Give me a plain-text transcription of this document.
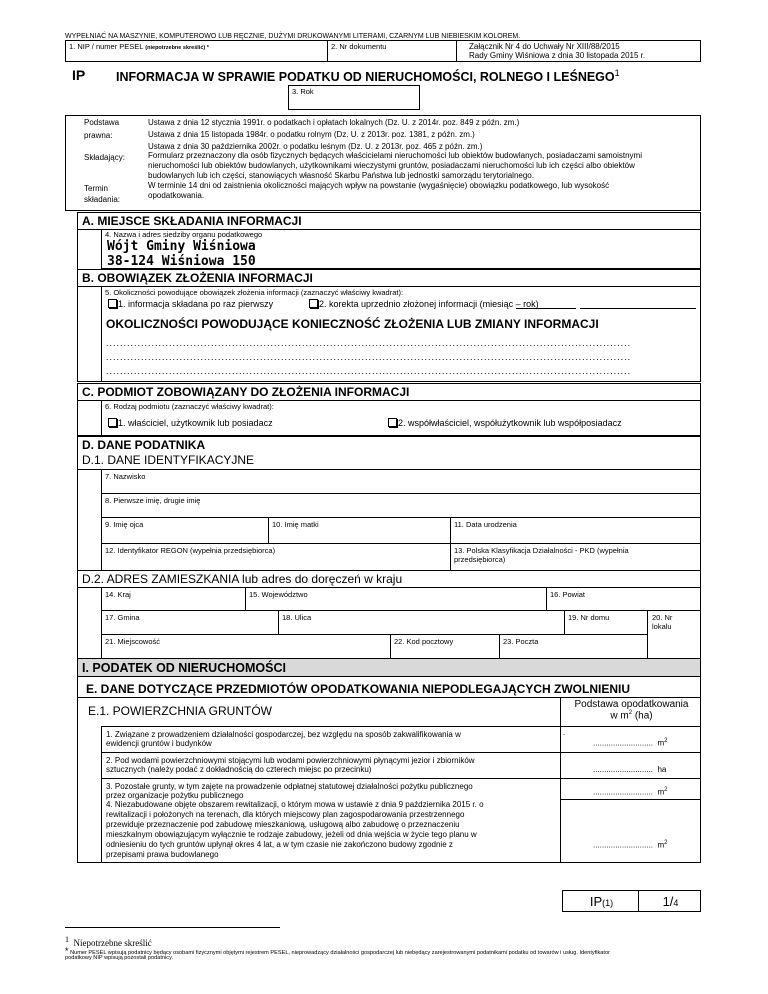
WYPEŁNIAĆ NA MASZYNIE, KOMPUTEROWO LUB RĘCZNIE, DUŻYMI DRUKOWANYMI LITERAMI, CZARNYM LUB NIEBIESKIM KOLOREM.
1. NIP / numer PESEL (niepotrzebne skreślić) *	2. Nr dokumentu	Załącznik Nr 4 do Uchwały Nr XIII/88/2015
Rady Gminy Wiśniowa z dnia 30 listopada 2015 r.
IP INFORMACJA W SPRAWIE PODATKU OD NIERUCHOMOŚCI, ROLNEGO I LEŚNEGO$^1$
3. Rok
Podstawa
prawna:
Ustawa z dnia 12 stycznia 1991r. o podatkach i opłatach lokalnych (Dz. U. z 2014r. poz. 849 z późn. zm.)
Ustawa z dnia 15 listopada 1984r. o podatku rolnym (Dz. U. z 2013r. poz. 1381, z późn. zm.)
Ustawa z dnia 30 października 2002r. o podatku leśnym (Dz. U. z 2013r. poz. 465 z późn. zm.)
Składający:	Formularz przeznaczony dla osób fizycznych będących właścicielami nieruchomości lub obiektów budowlanych, posiadaczami samoistnymi
nieruchomości lub obiektów budowlanych, użytkownikami wieczystymi gruntów, posiadaczami nieruchomości lub ich części albo obiektów
budowlanych lub ich części, stanowiących własność Skarbu Państwa lub jednostki samorządu terytorialnego.
Termin
składania:
W terminie 14 dni od zaistnienia okoliczności mających wpływ na powstanie (wygaśnięcie) obowiązku podatkowego, lub wysokość
opodatkowania.
A. MIEJSCE SKŁADANIA INFORMACJI
4. Nazwa i adres siedziby organu podatkowego
Wójt Gminy Wiśniowa
38-124 Wiśniowa 150
B. OBOWIĄZEK ZŁOŻENIA INFORMACJI
5. Okoliczności powodujące obowiązek złożenia informacji (zaznaczyć właściwy kwadrat):
1. informacja składana po raz pierwszy	2. korekta uprzednio złożonej informacji (miesiąc – rok)
OKOLICZNOŚCI POWODUJĄCE KONIECZNOŚĆ ZŁOŻENIA LUB ZMIANY INFORMACJI
......................................................................................................................................................
......................................................................................................................................................
......................................................................................................................................................
C. PODMIOT ZOBOWIĄZANY DO ZŁOŻENIA INFORMACJI
6. Rodzaj podmiotu (zaznaczyć właściwy kwadrat):
1. właściciel, użytkownik lub posiadacz	2. współwłaściciel, współużytkownik lub współposiadacz
D. DANE PODATNIKA
D.1. DANE IDENTYFIKACYJNE
7. Nazwisko
8. Pierwsze imię, drugie imię
9. Imię ojca	10. Imię matki	11. Data urodzenia
12. Identyfikator REGON (wypełnia przedsiębiorca)	13. Polska Klasyfikacja Działalności - PKD (wypełnia
przedsiębiorca)
D.2. ADRES ZAMIESZKANIA lub adres do doręczeń w kraju
14. Kraj	15. Województwo	16. Powiat
17. Gmina	18. Ulica	19. Nr domu	20. Nr
lokalu
21. Miejscowość	22. Kod pocztowy	23. Poczta
I. PODATEK OD NIERUCHOMOŚCI
E. DANE DOTYCZĄCE PRZEDMIOTÓW OPODATKOWANIA NIEPODLEGAJĄCYCH ZWOLNIENIU
E.1. POWIERZCHNIA GRUNTÓW	Podstawa opodatkowania
w $m^2$ (ha)
1. Związane z prowadzeniem działalności gospodarczej, bez względu na sposób zakwalifikowania w
ewidencji gruntów i budynków
.
........................... $m^2$
2. Pod wodami powierzchniowymi stojącymi lub wodami powierzchniowymi płynącymi jezior i zbiorników
sztucznych (należy podać z dokładnością do czterech miejsc po przecinku)	........................... ha
3. Pozostałe grunty, w tym zajęte na prowadzenie odpłatnej statutowej działalności pożytku publicznego
przez organizacje pożytku publicznego	........................... $m^2$
4. Niezabudowane objęte obszarem rewitalizacji, o którym mowa w ustawie z dnia 9 października 2015 r. o
rewitalizacji i położonych na terenach, dla których miejscowy plan zagospodarowania przestrzennego
przewiduje przeznaczenie pod zabudowę mieszkaniową, usługową albo zabudowę o przeznaczeniu
mieszkalnym obowiązującym wyłącznie te rodzaje zabudowy, jeżeli od dnia wejścia w życie tego planu w
odniesieniu do tych gruntów upłynął okres 4 lat, a w tym czasie nie zakończono budowy zgodnie z
przepisami prawa budowlanego
........................... $m^2$
IP(1)	1/4
$^1$ Niepotrzebne skreślić
* Numer PESEL wpisują podatnicy będący osobami fizycznymi objętymi rejestrem PESEL, nieprowadzący działalności gospodarczej lub niebędący zarejestrowanymi podatnikami podatku od towarów i usług. Identyfikator
podatkowy NIP wpisują pozostali podatnicy.
